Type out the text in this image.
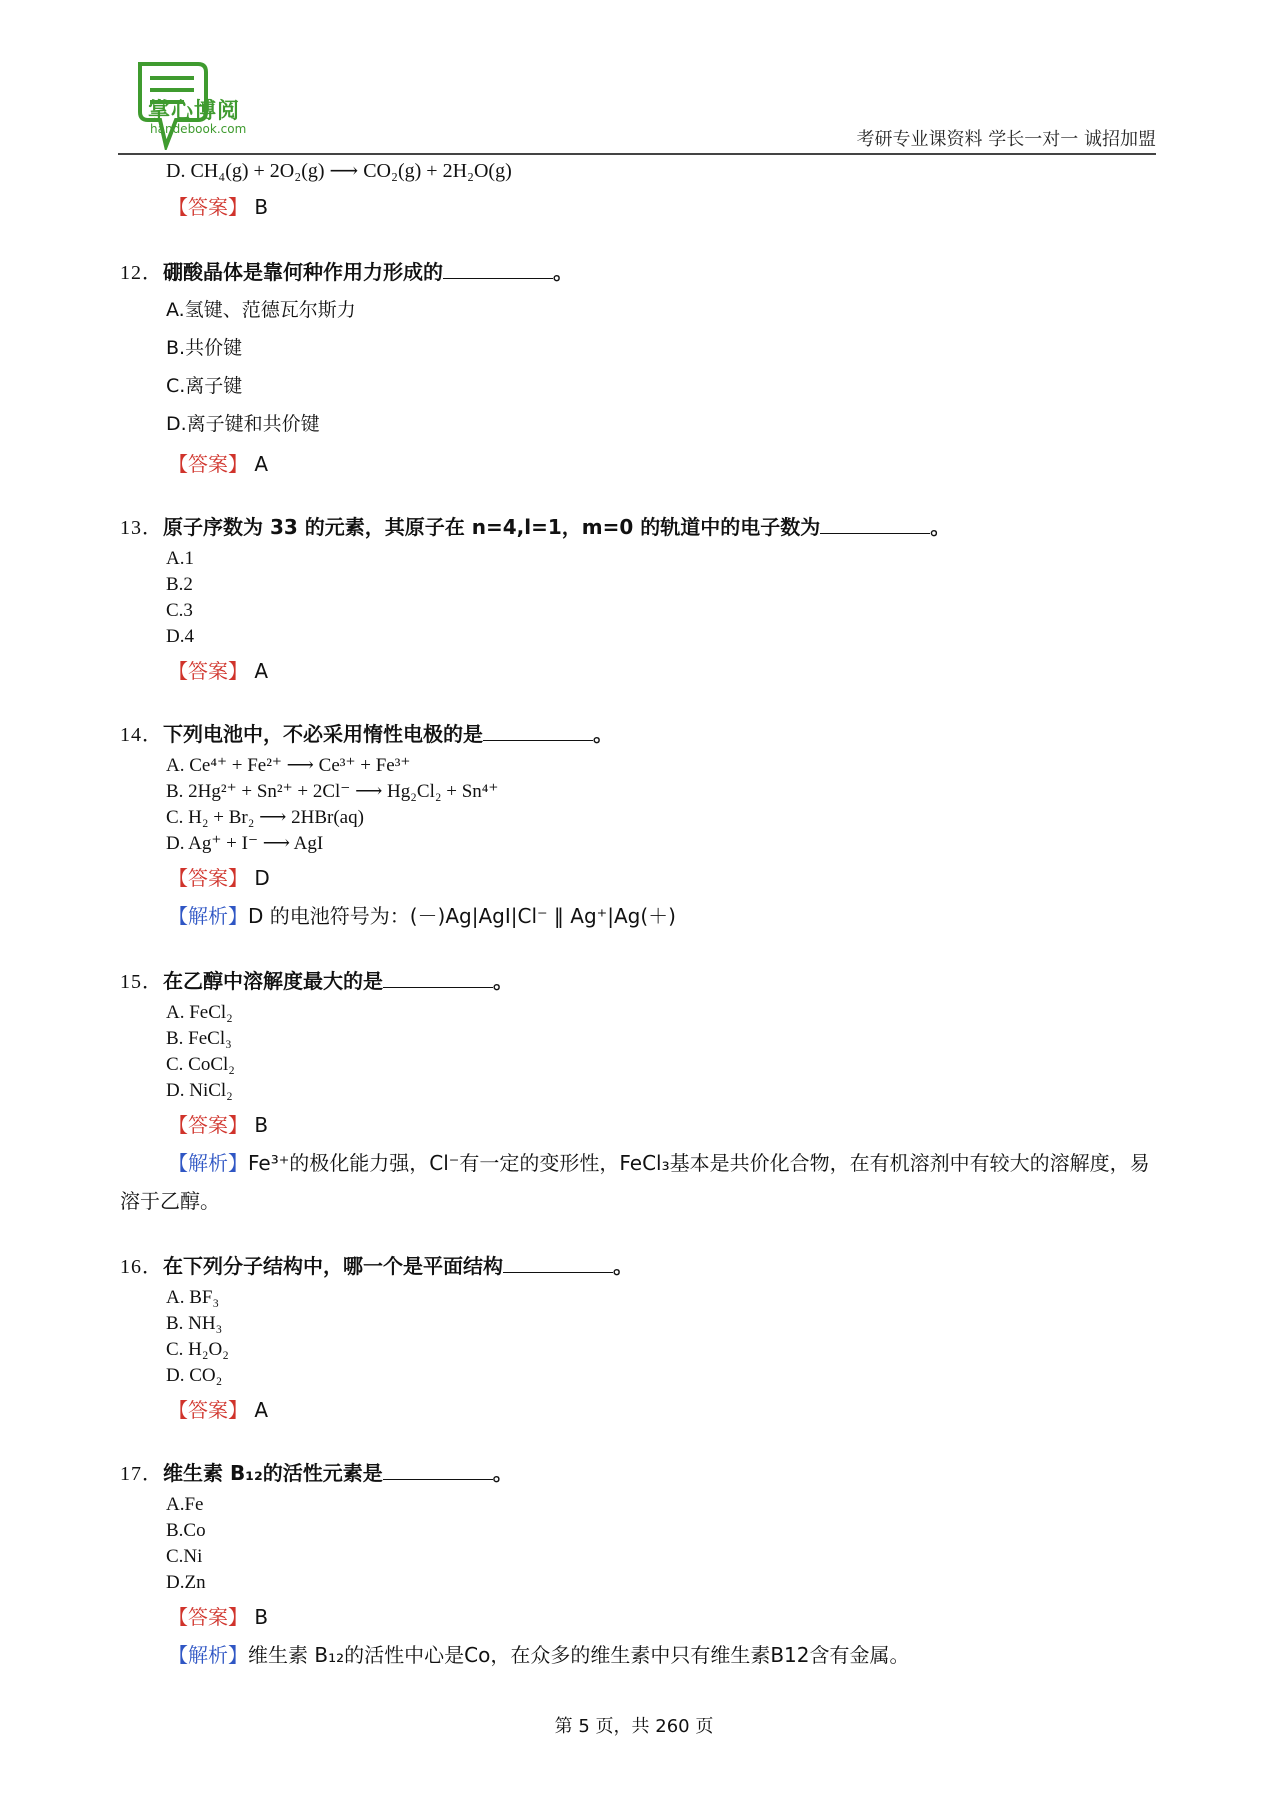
掌心博阅
handebook.com	考研专业课资料 学长一对一 诚招加盟
D. CH₄(g) + 2O₂(g) ⟶ CO₂(g) + 2H₂O(g)
【答案】 B
12．硼酸晶体是靠何种作用力形成的	。
A.氢键、范德瓦尔斯力
B.共价键
C.离子键
D.离子键和共价键
【答案】 A
13．原子序数为 33 的元素，其原子在 n=4,l=1，m=0 的轨道中的电子数为	。
A.1
B.2
C.3
D.4
【答案】 A
14．下列电池中，不必采用惰性电极的是	。
A. Ce⁴⁺ + Fe²⁺ ⟶ Ce³⁺ + Fe³⁺
B. 2Hg²⁺ + Sn²⁺ + 2Cl⁻ ⟶ Hg₂Cl₂ + Sn⁴⁺
C. H₂ + Br₂ ⟶ 2HBr(aq)
D. Ag⁺ + I⁻ ⟶ AgI
【答案】 D
【解析】D 的电池符号为：(－)Ag|AgI|Cl⁻ ‖ Ag⁺|Ag(＋)
15．在乙醇中溶解度最大的是	。
A. FeCl₂
B. FeCl₃
C. CoCl₂
D. NiCl₂
【答案】 B
【解析】Fe³⁺的极化能力强，Cl⁻有一定的变形性，FeCl₃基本是共价化合物，在有机溶剂中有较大的溶解度，易溶于乙醇。
16．在下列分子结构中，哪一个是平面结构	。
A. BF₃
B. NH₃
C. H₂O₂
D. CO₂
【答案】 A
17．维生素 B₁₂的活性元素是	。
A.Fe
B.Co
C.Ni
D.Zn
【答案】 B
【解析】维生素 B₁₂的活性中心是Co，在众多的维生素中只有维生素B12含有金属。
第 5 页，共 260 页
